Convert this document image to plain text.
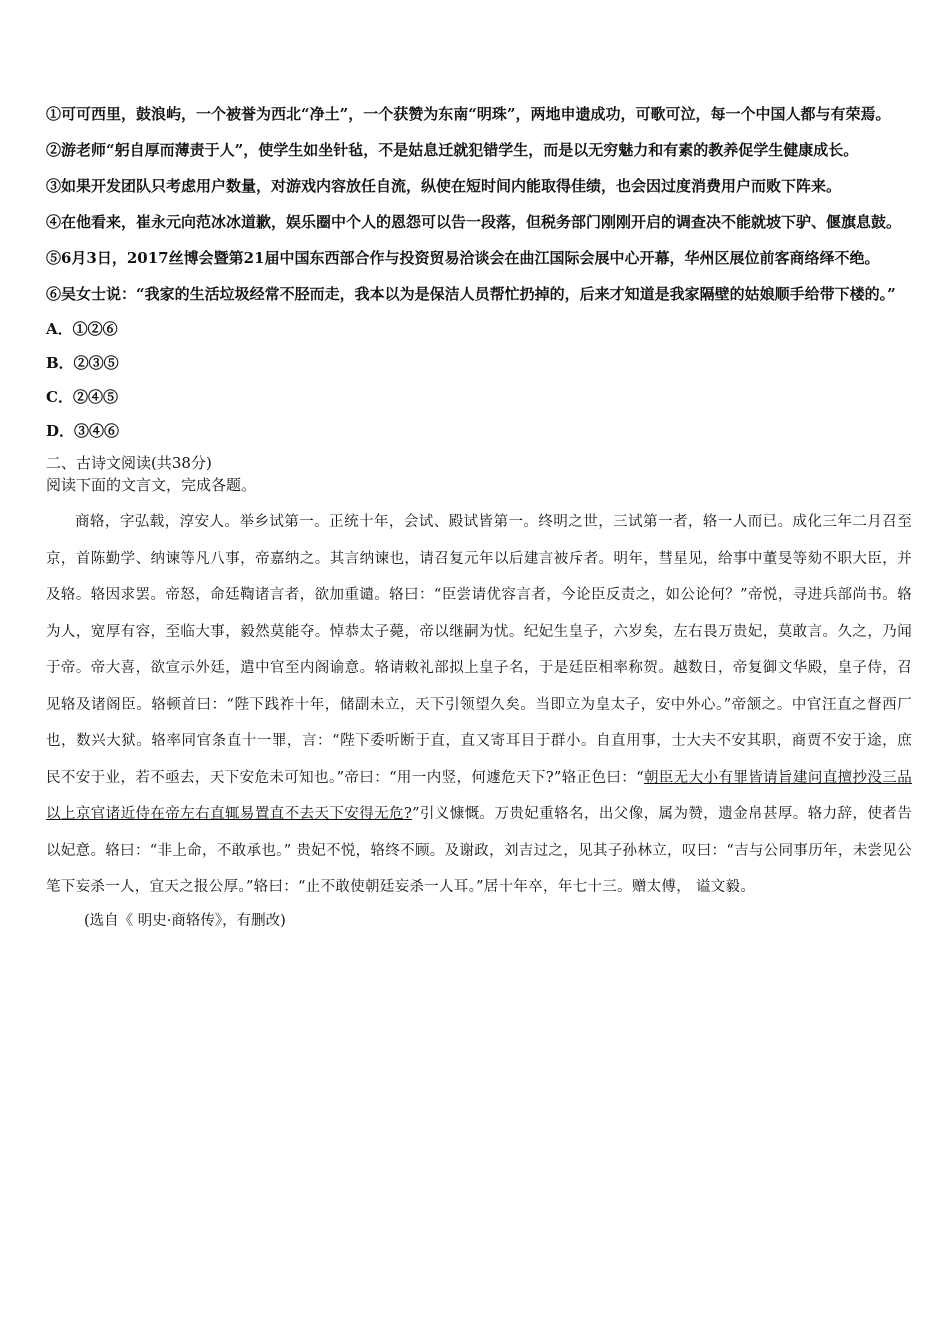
①可可西里，鼓浪屿，一个被誉为西北“净土”，一个获赞为东南“明珠”，两地申遗成功，可歌可泣，每一个中国人都与有荣焉。

②游老师“躬自厚而薄责于人”，使学生如坐针毡，不是姑息迁就犯错学生，而是以无穷魅力和有素的教养促学生健康成长。

③如果开发团队只考虑用户数量，对游戏内容放任自流，纵使在短时间内能取得佳绩，也会因过度消费用户而败下阵来。

④在他看来，崔永元向范冰冰道歉，娱乐圈中个人的恩怨可以告一段落，但税务部门刚刚开启的调查决不能就坡下驴、偃旗息鼓。

⑤6月3日，2017丝博会暨第21届中国东西部合作与投资贸易洽谈会在曲江国际会展中心开幕，华州区展位前客商络绎不绝。

⑥吴女士说：“我家的生活垃圾经常不胫而走，我本以为是保洁人员帮忙扔掉的，后来才知道是我家隔壁的姑娘顺手给带下楼的。”

A．①②⑥

B．②③⑤

C．②④⑤

D．③④⑥

二、古诗文阅读(共38分)
阅读下面的文言文，完成各题。

商辂，字弘载，淳安人。举乡试第一。正统十年，会试、殿试皆第一。终明之世，三试第一者，辂一人而已。成化三年二月召至京，首陈勤学、纳谏等凡八事，帝嘉纳之。其言纳谏也，请召复元年以后建言被斥者。明年，彗星见，给事中董旻等劾不职大臣，并及辂。辂因求罢。帝怒，命廷鞫诸言者，欲加重谴。辂曰：“臣尝请优容言者，今论臣反责之，如公论何？”帝悦，寻进兵部尚书。辂为人，宽厚有容，至临大事，毅然莫能夺。悼恭太子薨，帝以继嗣为忧。纪妃生皇子，六岁矣，左右畏万贵妃，莫敢言。久之，乃闻于帝。帝大喜，欲宣示外廷，遣中官至内阁谕意。辂请敕礼部拟上皇子名，于是廷臣相率称贺。越数日，帝复御文华殿，皇子侍，召见辂及诸阁臣。辂顿首曰：“陛下践祚十年，储副未立，天下引领望久矣。当即立为皇太子，安中外心。”帝颔之。中官汪直之督西厂也，数兴大狱。辂率同官条直十一罪，言：“陛下委听断于直，直又寄耳目于群小。自直用事，士大夫不安其职，商贾不安于途，庶民不安于业，若不亟去，天下安危未可知也。”帝曰：“用一内竖，何遽危天下?”辂正色曰：“朝臣无大小有罪皆请旨建问直擅抄没三品以上京官诸近侍在帝左右直辄易置直不去天下安得无危?”引义慷慨。万贵妃重辂名，出父像，属为赞，遗金帛甚厚。辂力辞，使者告以妃意。辂曰：“非上命，不敢承也。” 贵妃不悦，辂终不顾。及谢政，刘吉过之，见其子孙林立，叹曰：“吉与公同事历年，未尝见公笔下妄杀一人，宜天之报公厚。”辂曰：“止不敢使朝廷妄杀一人耳。”居十年卒，年七十三。赠太傅， 谥文毅。

(选自《 明史·商辂传》，有删改)
